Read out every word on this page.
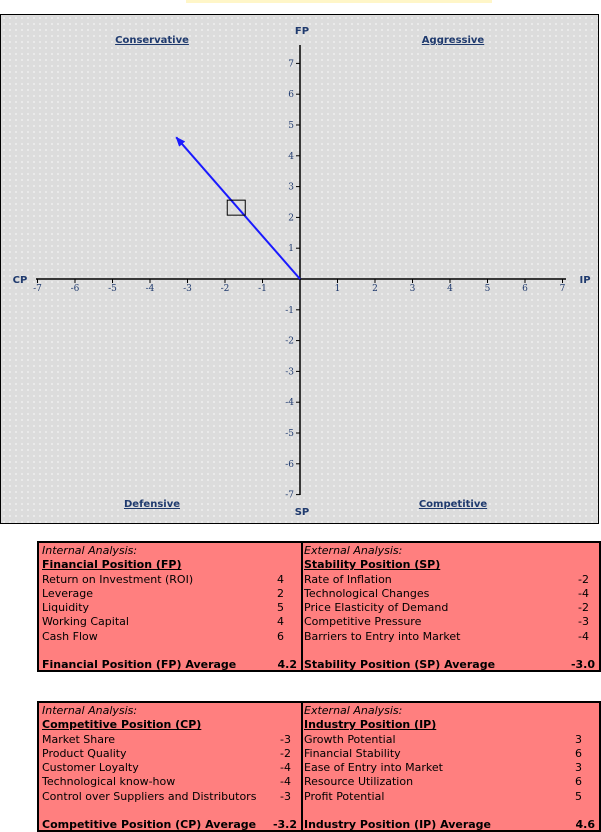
-7	-6	-5	-4	-3	-2	-1	1	2	3	4	5	6	7
7
6
5
4
3
2
1
-1
-2
-3
-4
-5
-6
-7
Conservative	Aggressive
Defensive	Competitive
FP
SP
CP	IP
Internal Analysis:
Financial Position (FP)
Return on Investment (ROI)	4
Leverage	2
Liquidity	5
Working Capital	4
Cash Flow	6
Financial Position (FP) Average	4.2
External Analysis:
Stability Position (SP)
Rate of Inflation	-2
Technological Changes	-4
Price Elasticity of Demand	-2
Competitive Pressure	-3
Barriers to Entry into Market	-4
Stability Position (SP) Average	-3.0
Internal Analysis:
Competitive Position (CP)
Market Share	-3
Product Quality	-2
Customer Loyalty	-4
Technological know-how	-4
Control over Suppliers and Distributors -3
Competitive Position (CP) Average -3.2
External Analysis:
Industry Position (IP)
Growth Potential	3
Financial Stability	6
Ease of Entry into Market	3
Resource Utilization	6
Profit Potential	5
Industry Position (IP) Average	4.6
